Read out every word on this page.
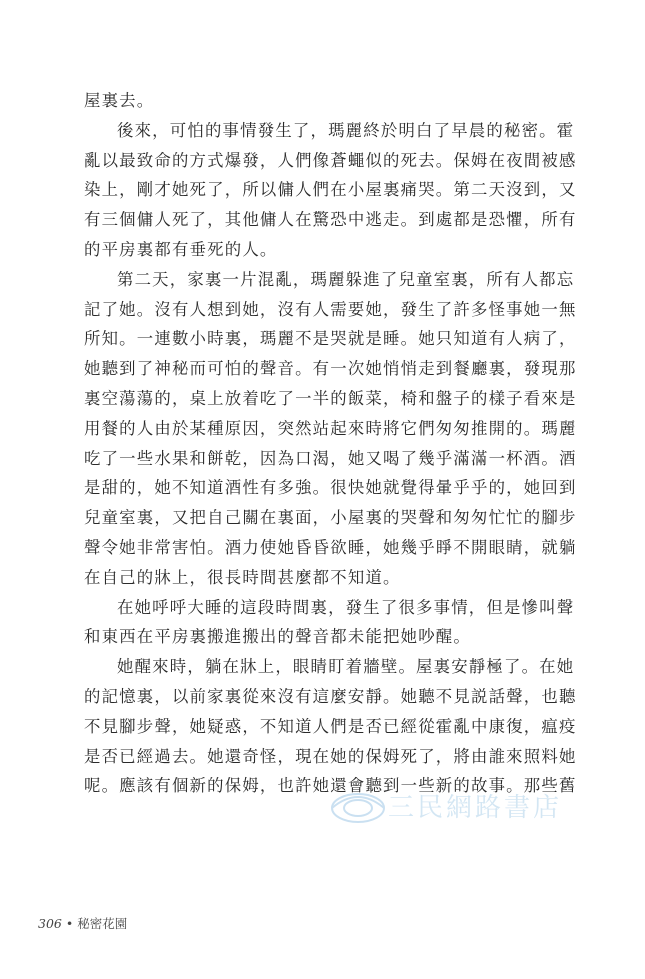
屋裏去。

後來，可怕的事情發生了，瑪麗終於明白了早晨的秘密。霍
亂以最致命的方式爆發，人們像蒼蠅似的死去。保姆在夜間被感
染上，剛才她死了，所以傭人們在小屋裏痛哭。第二天沒到，又
有三個傭人死了，其他傭人在驚恐中逃走。到處都是恐懼，所有
的平房裏都有垂死的人。

第二天，家裏一片混亂，瑪麗躲進了兒童室裏，所有人都忘
記了她。沒有人想到她，沒有人需要她，發生了許多怪事她一無
所知。一連數小時裏，瑪麗不是哭就是睡。她只知道有人病了，
她聽到了神秘而可怕的聲音。有一次她悄悄走到餐廳裏，發現那
裏空蕩蕩的，桌上放着吃了一半的飯菜，椅和盤子的樣子看來是
用餐的人由於某種原因，突然站起來時將它們匆匆推開的。瑪麗
吃了一些水果和餅乾，因為口渴，她又喝了幾乎滿滿一杯酒。酒
是甜的，她不知道酒性有多強。很快她就覺得暈乎乎的，她回到
兒童室裏，又把自己關在裏面，小屋裏的哭聲和匆匆忙忙的腳步
聲令她非常害怕。酒力使她昏昏欲睡，她幾乎睜不開眼睛，就躺
在自己的牀上，很長時間甚麼都不知道。

在她呼呼大睡的這段時間裏，發生了很多事情，但是慘叫聲
和東西在平房裏搬進搬出的聲音都未能把她吵醒。

她醒來時，躺在牀上，眼睛盯着牆壁。屋裏安靜極了。在她
的記憶裏，以前家裏從來沒有這麼安靜。她聽不見説話聲，也聽
不見腳步聲，她疑惑，不知道人們是否已經從霍亂中康復，瘟疫
是否已經過去。她還奇怪，現在她的保姆死了，將由誰來照料她
呢。應該有個新的保姆，也許她還會聽到一些新的故事。那些舊

三民網路書店
306 • 秘密花園
